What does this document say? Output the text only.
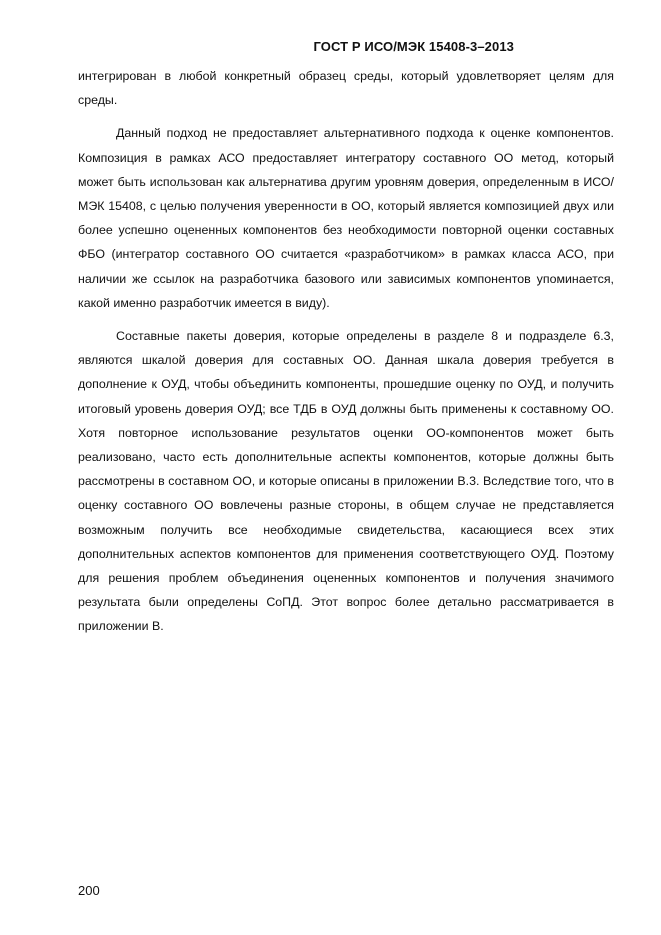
ГОСТ Р ИСО/МЭК 15408-3–2013

интегрирован в любой конкретный образец среды, который удовлетворяет целям для среды.

Данный подход не предоставляет альтернативного подхода к оценке компонентов. Композиция в рамках АСО предоставляет интегратору составного ОО метод, который может быть использован как альтернатива другим уровням доверия, определенным в ИСО/МЭК 15408, с целью получения уверенности в ОО, который является композицией двух или более успешно оцененных компонентов без необходимости повторной оценки составных ФБО (интегратор составного ОО считается «разработчиком» в рамках класса АСО, при наличии же ссылок на разработчика базового или зависимых компонентов упоминается, какой именно разработчик имеется в виду).

Составные пакеты доверия, которые определены в разделе 8 и подразделе 6.3, являются шкалой доверия для составных ОО. Данная шкала доверия требуется в дополнение к ОУД, чтобы объединить компоненты, прошедшие оценку по ОУД, и получить итоговый уровень доверия ОУД; все ТДБ в ОУД должны быть применены к составному ОО. Хотя повторное использование результатов оценки ОО-компонентов может быть реализовано, часто есть дополнительные аспекты компонентов, которые должны быть рассмотрены в составном ОО, и которые описаны в приложении В.3. Вследствие того, что в оценку составного ОО вовлечены разные стороны, в общем случае не представляется возможным получить все необходимые свидетельства, касающиеся всех этих дополнительных аспектов компонентов для применения соответствующего ОУД. Поэтому для решения проблем объединения оцененных компонентов и получения значимого результата были определены СоПД. Этот вопрос более детально рассматривается в приложении В.

200
